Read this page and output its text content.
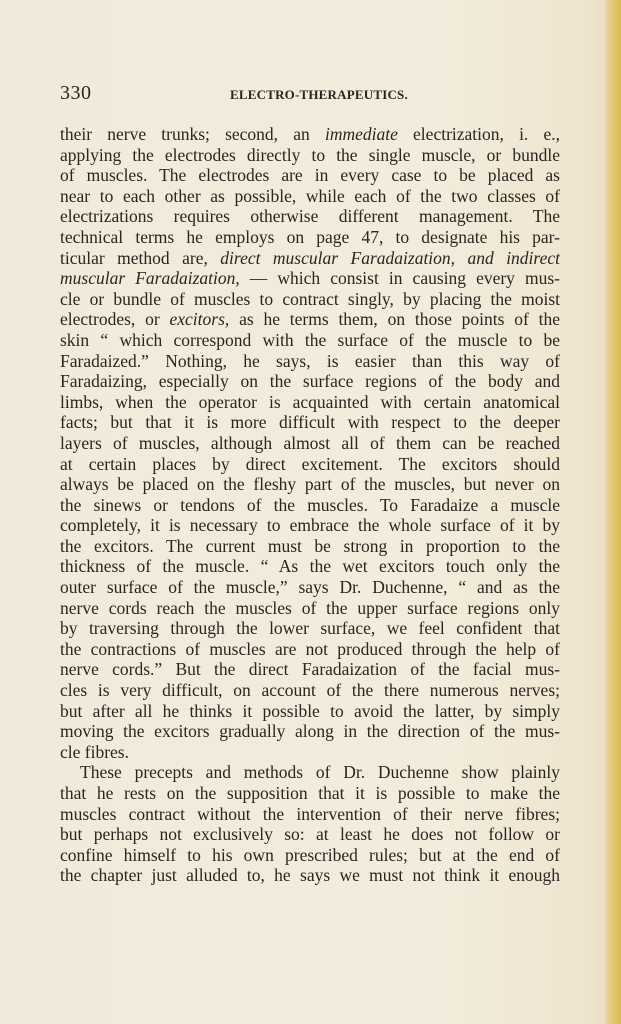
330	ELECTRO-THERAPEUTICS.
their nerve trunks; second, an immediate electrization, i. e.,
applying the electrodes directly to the single muscle, or bundle
of muscles. The electrodes are in every case to be placed as
near to each other as possible, while each of the two classes of
electrizations requires otherwise different management. The
technical terms he employs on page 47, to designate his par-
ticular method are, direct muscular Faradaization, and indirect
muscular Faradaization, — which consist in causing every mus-
cle or bundle of muscles to contract singly, by placing the moist
electrodes, or excitors, as he terms them, on those points of the
skin “ which correspond with the surface of the muscle to be
Faradaized.” Nothing, he says, is easier than this way of
Faradaizing, especially on the surface regions of the body and
limbs, when the operator is acquainted with certain anatomical
facts; but that it is more difficult with respect to the deeper
layers of muscles, although almost all of them can be reached
at certain places by direct excitement. The excitors should
always be placed on the fleshy part of the muscles, but never on
the sinews or tendons of the muscles. To Faradaize a muscle
completely, it is necessary to embrace the whole surface of it by
the excitors. The current must be strong in proportion to the
thickness of the muscle. “ As the wet excitors touch only the
outer surface of the muscle,” says Dr. Duchenne, “ and as the
nerve cords reach the muscles of the upper surface regions only
by traversing through the lower surface, we feel confident that
the contractions of muscles are not produced through the help of
nerve cords.” But the direct Faradaization of the facial mus-
cles is very difficult, on account of the there numerous nerves;
but after all he thinks it possible to avoid the latter, by simply
moving the excitors gradually along in the direction of the mus-
cle fibres.
These precepts and methods of Dr. Duchenne show plainly
that he rests on the supposition that it is possible to make the
muscles contract without the intervention of their nerve fibres;
but perhaps not exclusively so: at least he does not follow or
confine himself to his own prescribed rules; but at the end of
the chapter just alluded to, he says we must not think it enough
